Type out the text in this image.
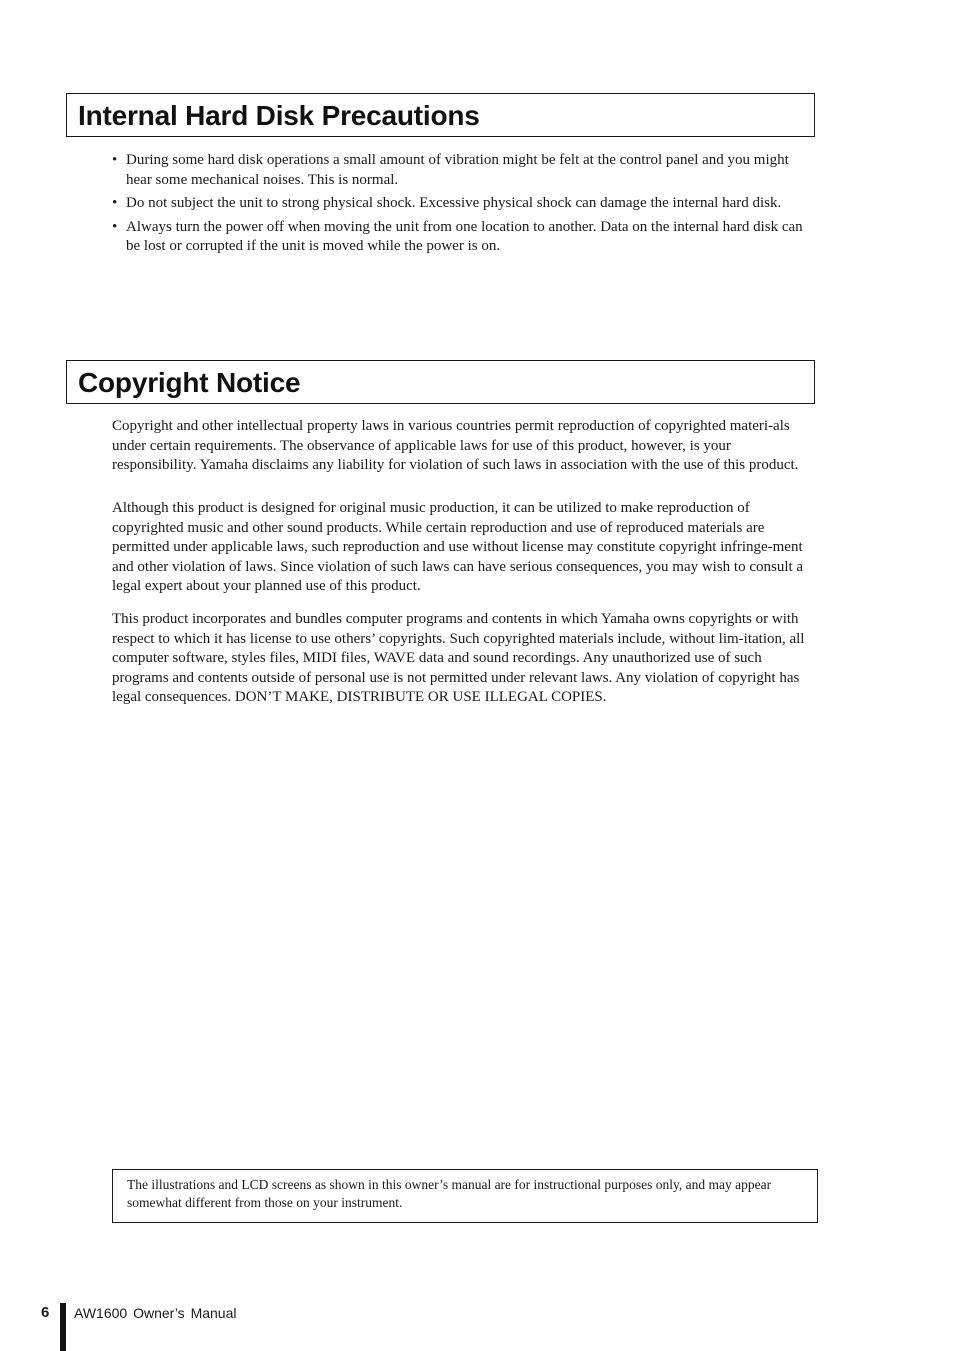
Internal Hard Disk Precautions
• During some hard disk operations a small amount of vibration might be felt at the control panel and you might hear some mechanical noises. This is normal.
• Do not subject the unit to strong physical shock. Excessive physical shock can damage the internal hard disk.
• Always turn the power off when moving the unit from one location to another. Data on the internal hard disk can be lost or corrupted if the unit is moved while the power is on.
Copyright Notice

Copyright and other intellectual property laws in various countries permit reproduction of copyrighted materi-als under certain requirements. The observance of applicable laws for use of this product, however, is your responsibility. Yamaha disclaims any liability for violation of such laws in association with the use of this product.

Although this product is designed for original music production, it can be utilized to make reproduction of copyrighted music and other sound products. While certain reproduction and use of reproduced materials are permitted under applicable laws, such reproduction and use without license may constitute copyright infringe-ment and other violation of laws. Since violation of such laws can have serious consequences, you may wish to consult a legal expert about your planned use of this product.

This product incorporates and bundles computer programs and contents in which Yamaha owns copyrights or with respect to which it has license to use others’ copyrights. Such copyrighted materials include, without lim-itation, all computer software, styles files, MIDI files, WAVE data and sound recordings. Any unauthorized use of such programs and contents outside of personal use is not permitted under relevant laws. Any violation of copyright has legal consequences. DON’T MAKE, DISTRIBUTE OR USE ILLEGAL COPIES.

The illustrations and LCD screens as shown in this owner’s manual are for instructional purposes only, and may appear somewhat different from those on your instrument.

6 AW1600 Owner’s Manual
